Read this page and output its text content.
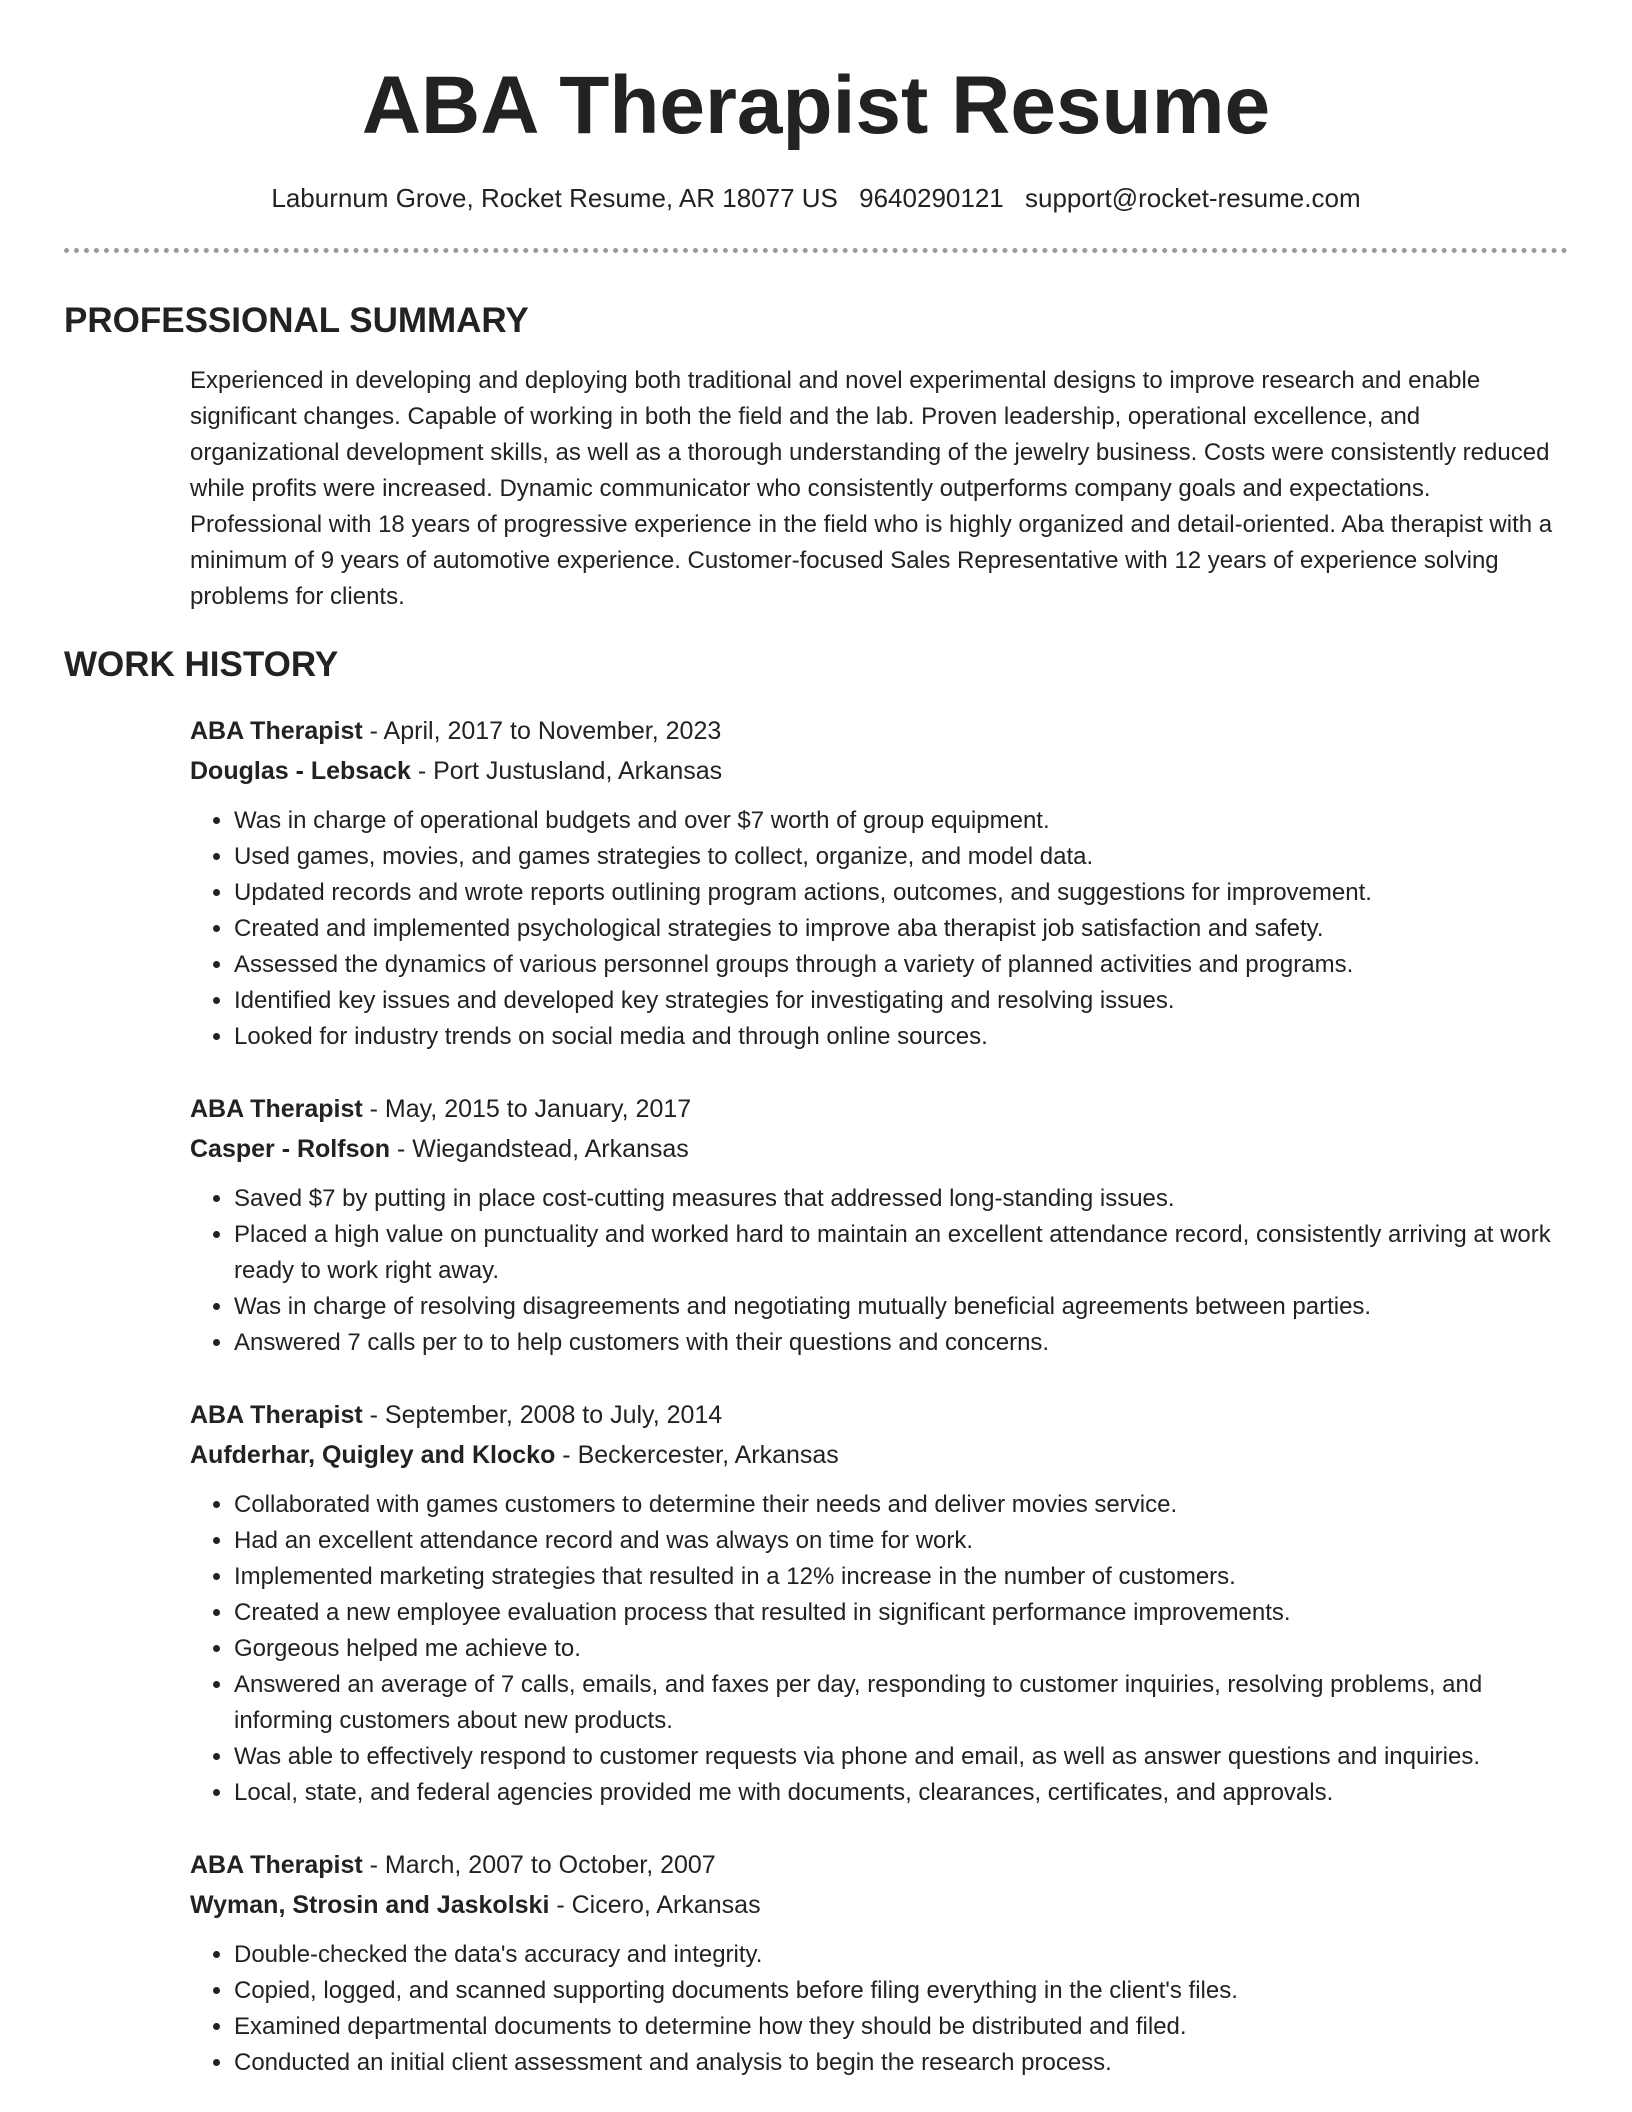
ABA Therapist Resume
Laburnum Grove, Rocket Resume, AR 18077 US 9640290121 support@rocket-resume.com
PROFESSIONAL SUMMARY

Experienced in developing and deploying both traditional and novel experimental designs to improve research and enable significant changes. Capable of working in both the field and the lab. Proven leadership, operational excellence, and organizational development skills, as well as a thorough understanding of the jewelry business. Costs were consistently reduced while profits were increased. Dynamic communicator who consistently outperforms company goals and expectations. Professional with 18 years of progressive experience in the field who is highly organized and detail-oriented. Aba therapist with a minimum of 9 years of automotive experience. Customer-focused Sales Representative with 12 years of experience solving problems for clients.

WORK HISTORY
ABA Therapist - April, 2017 to November, 2023
Douglas - Lebsack - Port Justusland, Arkansas
• Was in charge of operational budgets and over $7 worth of group equipment.
• Used games, movies, and games strategies to collect, organize, and model data.
• Updated records and wrote reports outlining program actions, outcomes, and suggestions for improvement.
• Created and implemented psychological strategies to improve aba therapist job satisfaction and safety.
• Assessed the dynamics of various personnel groups through a variety of planned activities and programs.
• Identified key issues and developed key strategies for investigating and resolving issues.
• Looked for industry trends on social media and through online sources.
ABA Therapist - May, 2015 to January, 2017
Casper - Rolfson - Wiegandstead, Arkansas
• Saved $7 by putting in place cost-cutting measures that addressed long-standing issues.
• Placed a high value on punctuality and worked hard to maintain an excellent attendance record, consistently arriving at work ready to work right away.
• Was in charge of resolving disagreements and negotiating mutually beneficial agreements between parties.
• Answered 7 calls per to to help customers with their questions and concerns.
ABA Therapist - September, 2008 to July, 2014
Aufderhar, Quigley and Klocko - Beckercester, Arkansas
• Collaborated with games customers to determine their needs and deliver movies service.
• Had an excellent attendance record and was always on time for work.
• Implemented marketing strategies that resulted in a 12% increase in the number of customers.
• Created a new employee evaluation process that resulted in significant performance improvements.
• Gorgeous helped me achieve to.
• Answered an average of 7 calls, emails, and faxes per day, responding to customer inquiries, resolving problems, and informing customers about new products.
• Was able to effectively respond to customer requests via phone and email, as well as answer questions and inquiries.
• Local, state, and federal agencies provided me with documents, clearances, certificates, and approvals.
ABA Therapist - March, 2007 to October, 2007
Wyman, Strosin and Jaskolski - Cicero, Arkansas
• Double-checked the data's accuracy and integrity.
• Copied, logged, and scanned supporting documents before filing everything in the client's files.
• Examined departmental documents to determine how they should be distributed and filed.
• Conducted an initial client assessment and analysis to begin the research process.
